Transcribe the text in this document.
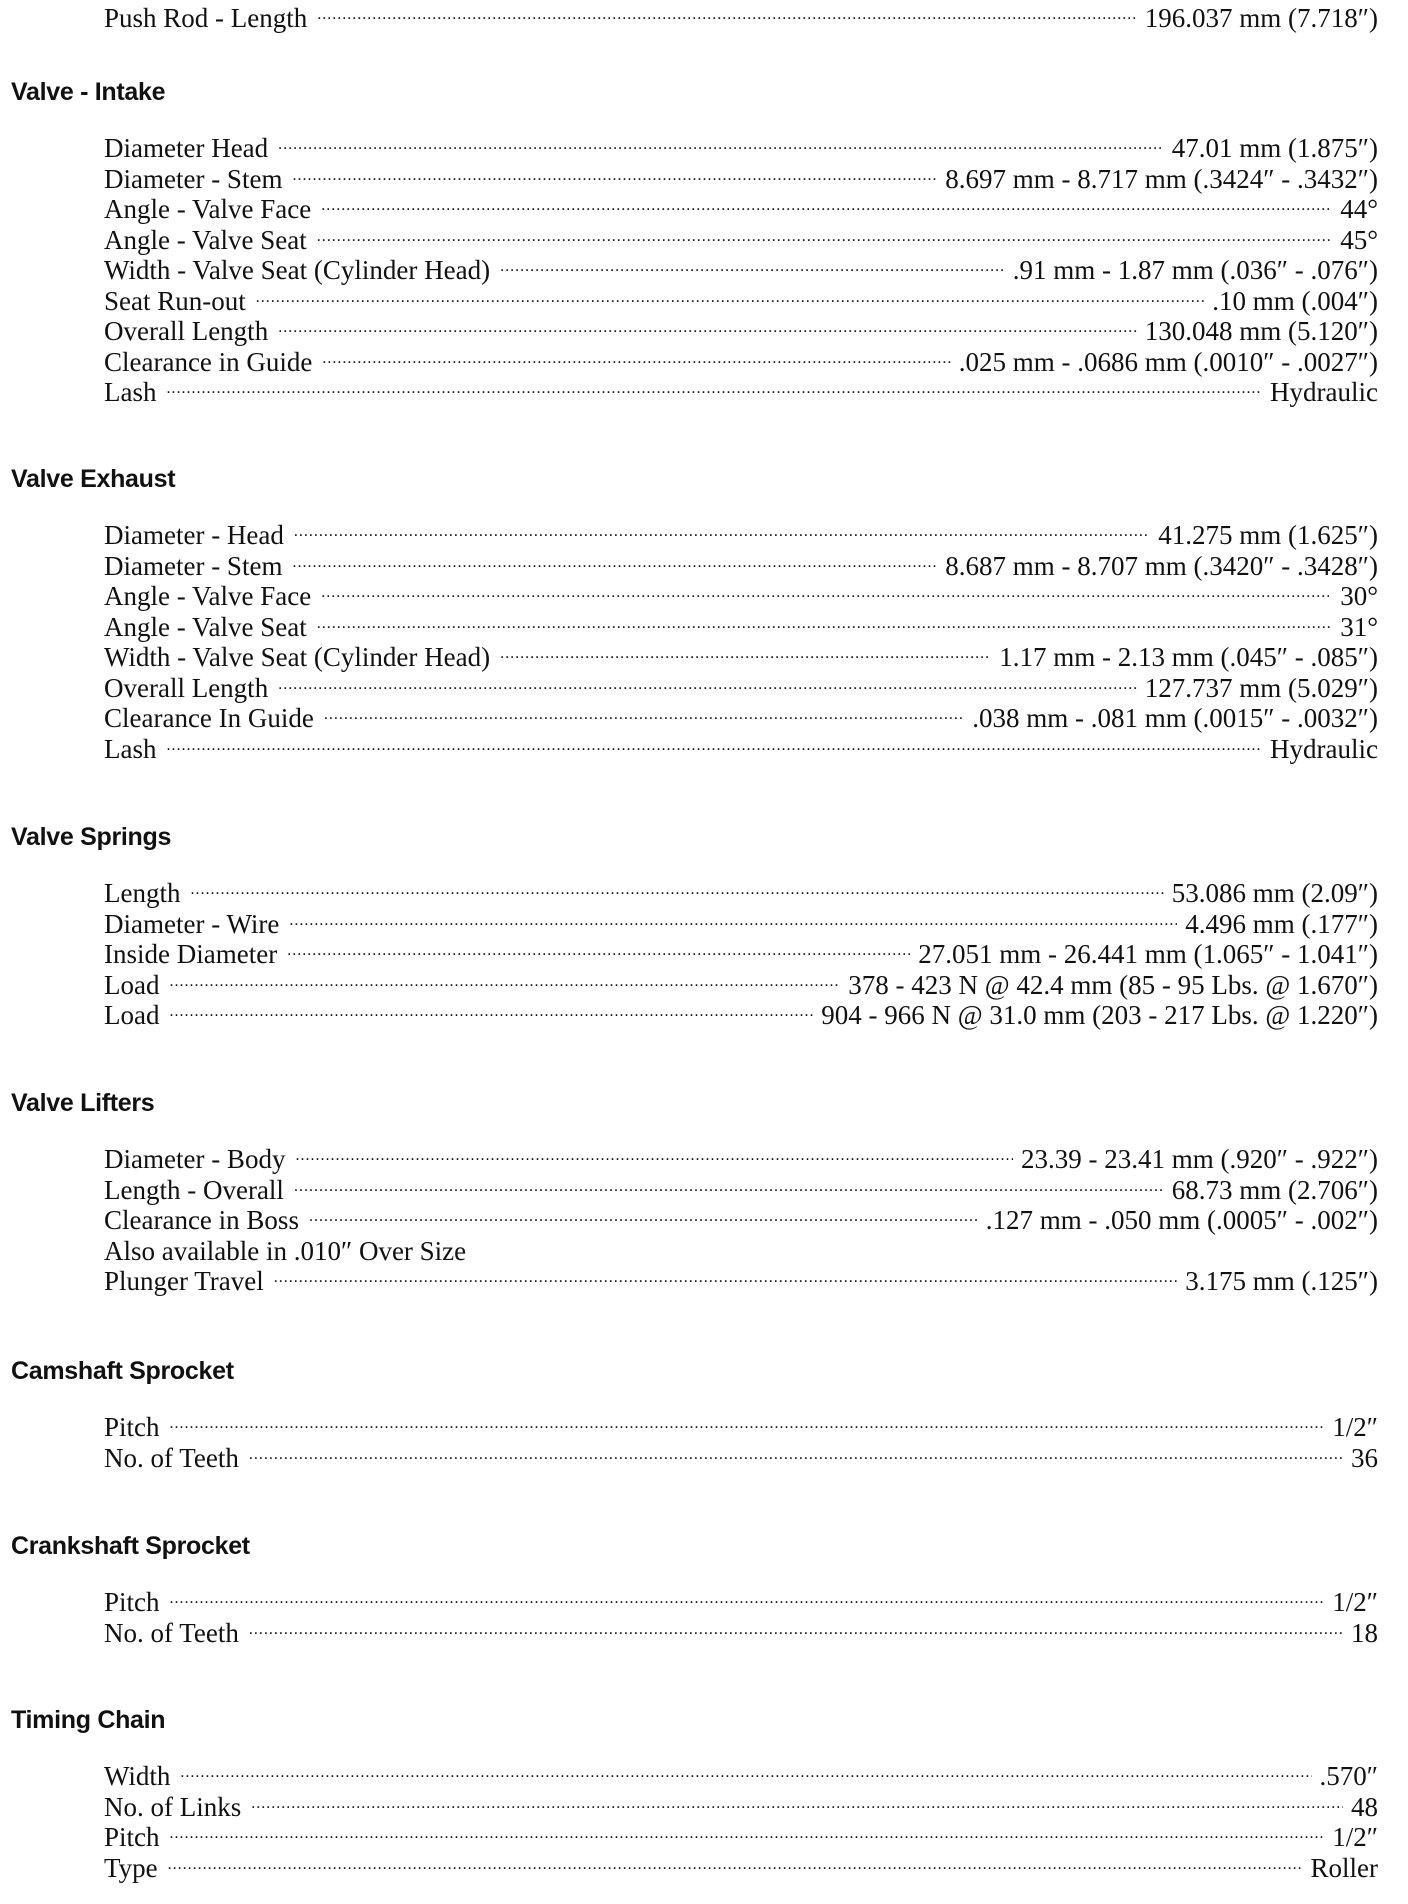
Push Rod - Length .....	196.037 mm (7.718″)
Valve - Intake
Diameter Head .....	47.01 mm (1.875″)
Diameter - Stem .....	8.697 mm - 8.717 mm (.3424″ - .3432″)
Angle - Valve Face .....	44°
Angle - Valve Seat .....	45°
Width - Valve Seat (Cylinder Head) .....	.91 mm - 1.87 mm (.036″ - .076″)
Seat Run-out .....	.10 mm (.004″)
Overall Length .....	130.048 mm (5.120″)
Clearance in Guide .....	.025 mm - .0686 mm (.0010″ - .0027″)
Lash .....	Hydraulic
Valve Exhaust
Diameter - Head .....	41.275 mm (1.625″)
Diameter - Stem .....	8.687 mm - 8.707 mm (.3420″ - .3428″)
Angle - Valve Face .....	30°
Angle - Valve Seat .....	31°
Width - Valve Seat (Cylinder Head) .....	1.17 mm - 2.13 mm (.045″ - .085″)
Overall Length .....	127.737 mm (5.029″)
Clearance In Guide .....	.038 mm - .081 mm (.0015″ - .0032″)
Lash .....	Hydraulic
Valve Springs
Length .....	53.086 mm (2.09″)
Diameter - Wire .....	4.496 mm (.177″)
Inside Diameter .....	27.051 mm - 26.441 mm (1.065″ - 1.041″)
Load .....	378 - 423 N @ 42.4 mm (85 - 95 Lbs. @ 1.670″)
Load .....	904 - 966 N @ 31.0 mm (203 - 217 Lbs. @ 1.220″)
Valve Lifters
Diameter - Body .....	23.39 - 23.41 mm (.920″ - .922″)
Length - Overall .....	68.73 mm (2.706″)
Clearance in Boss .....	.127 mm - .050 mm (.0005″ - .002″)
Also available in .010″ Over Size
Plunger Travel .....	3.175 mm (.125″)
Camshaft Sprocket
Pitch .....	1/2″
No. of Teeth .....	36
Crankshaft Sprocket
Pitch .....	1/2″
No. of Teeth .....	18
Timing Chain
Width .....	.570″
No. of Links .....	48
Pitch .....	1/2″
Type .....	Roller
